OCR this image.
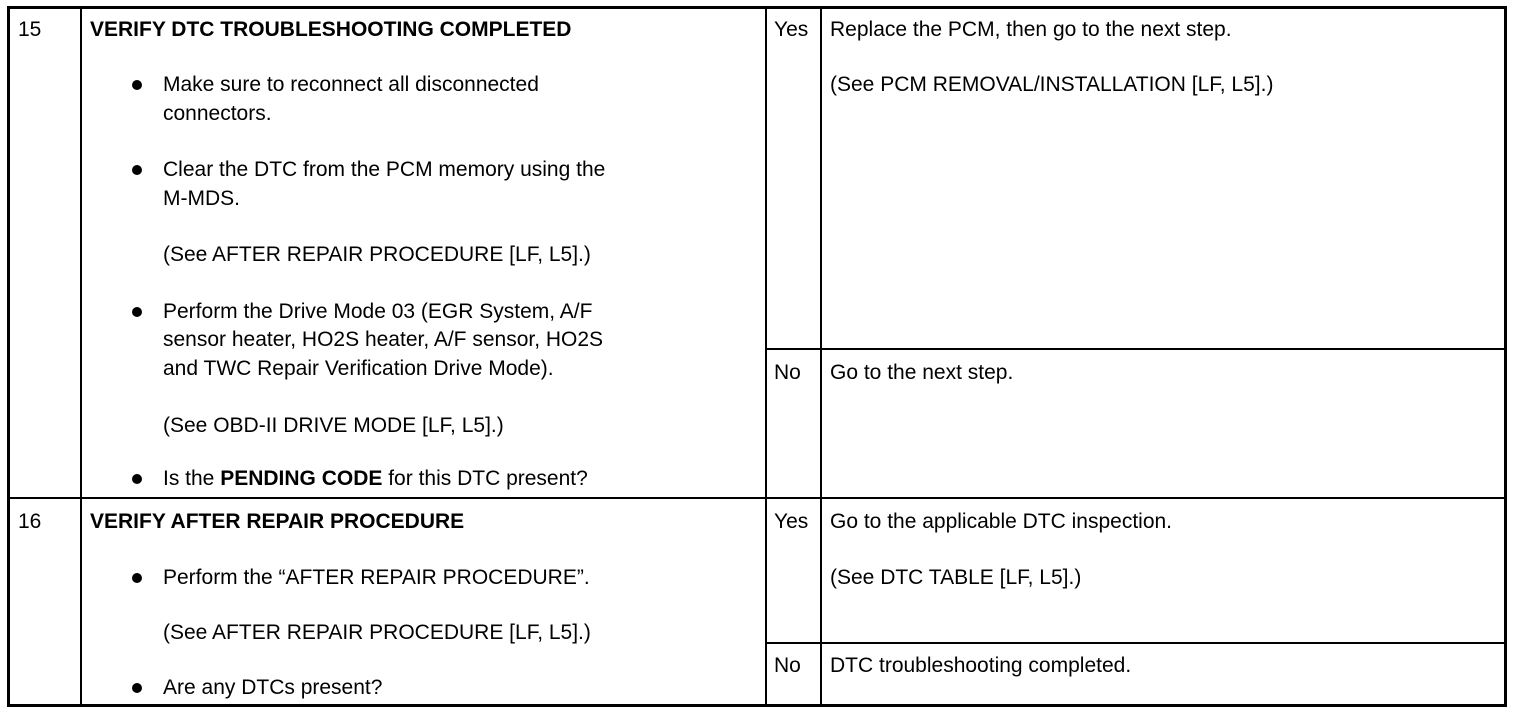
15 VERIFY DTC TROUBLESHOOTING COMPLETED
Make sure to reconnect all disconnected
connectors.
Clear the DTC from the PCM memory using the
M-MDS.
(See AFTER REPAIR PROCEDURE [LF, L5].)
Perform the Drive Mode 03 (EGR System, A/F
sensor heater, HO2S heater, A/F sensor, HO2S
and TWC Repair Verification Drive Mode).
(See OBD-II DRIVE MODE [LF, L5].)
Is the PENDING CODE for this DTC present?
Yes Replace the PCM, then go to the next step.
(See PCM REMOVAL/INSTALLATION [LF, L5].)
No Go to the next step.
16 VERIFY AFTER REPAIR PROCEDURE
Perform the “AFTER REPAIR PROCEDURE”.
(See AFTER REPAIR PROCEDURE [LF, L5].)
Are any DTCs present?
Yes Go to the applicable DTC inspection.
(See DTC TABLE [LF, L5].)
No DTC troubleshooting completed.
